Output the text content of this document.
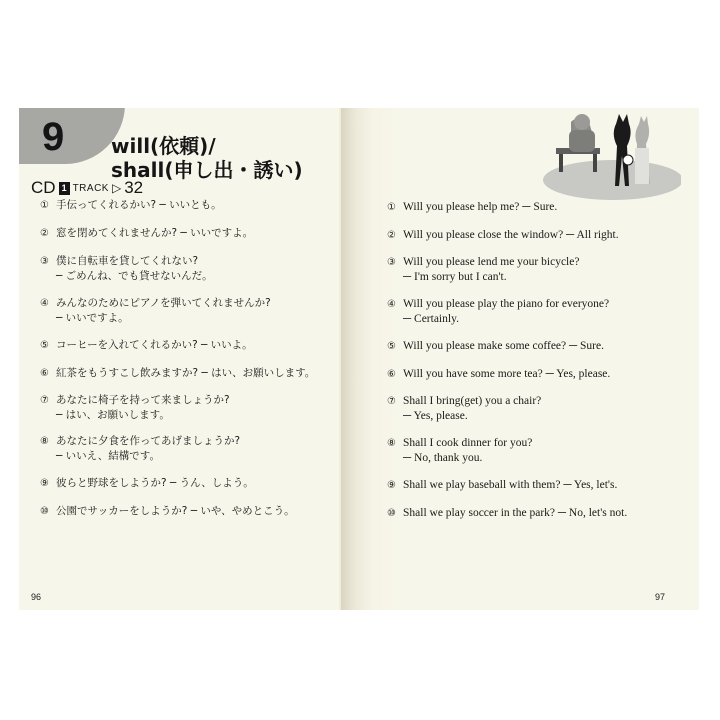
9 will(依頼)/
shall(申し出・誘い)
CD 1 TRACK ▷ 32
① 手伝ってくれるかい? ─ いいとも。
② 窓を閉めてくれませんか? ─ いいですよ。
③ 僕に自転車を貸してくれない?
─ ごめんね、でも貸せないんだ。
④ みんなのためにピアノを弾いてくれませんか?
─ いいですよ。
⑤ コーヒーを入れてくれるかい? ─ いいよ。
⑥ 紅茶をもうすこし飲みますか? ─ はい、お願いします。
⑦ あなたに椅子を持って来ましょうか?
─ はい、お願いします。
⑧ あなたに夕食を作ってあげましょうか?
─ いいえ、結構です。
⑨ 彼らと野球をしようか? ─ うん、しよう。
⑩ 公園でサッカーをしようか? ─ いや、やめとこう。
96
① Will you please help me? ─ Sure.
② Will you please close the window? ─ All right.
③ Will you please lend me your bicycle?
─ I'm sorry but I can't.
④ Will you please play the piano for everyone?
─ Certainly.
⑤ Will you please make some coffee? ─ Sure.
⑥ Will you have some more tea? ─ Yes, please.
⑦ Shall I bring(get) you a chair?
─ Yes, please.
⑧ Shall I cook dinner for you?
─ No, thank you.
⑨ Shall we play baseball with them? ─ Yes, let's.
⑩ Shall we play soccer in the park? ─ No, let's not.
97
